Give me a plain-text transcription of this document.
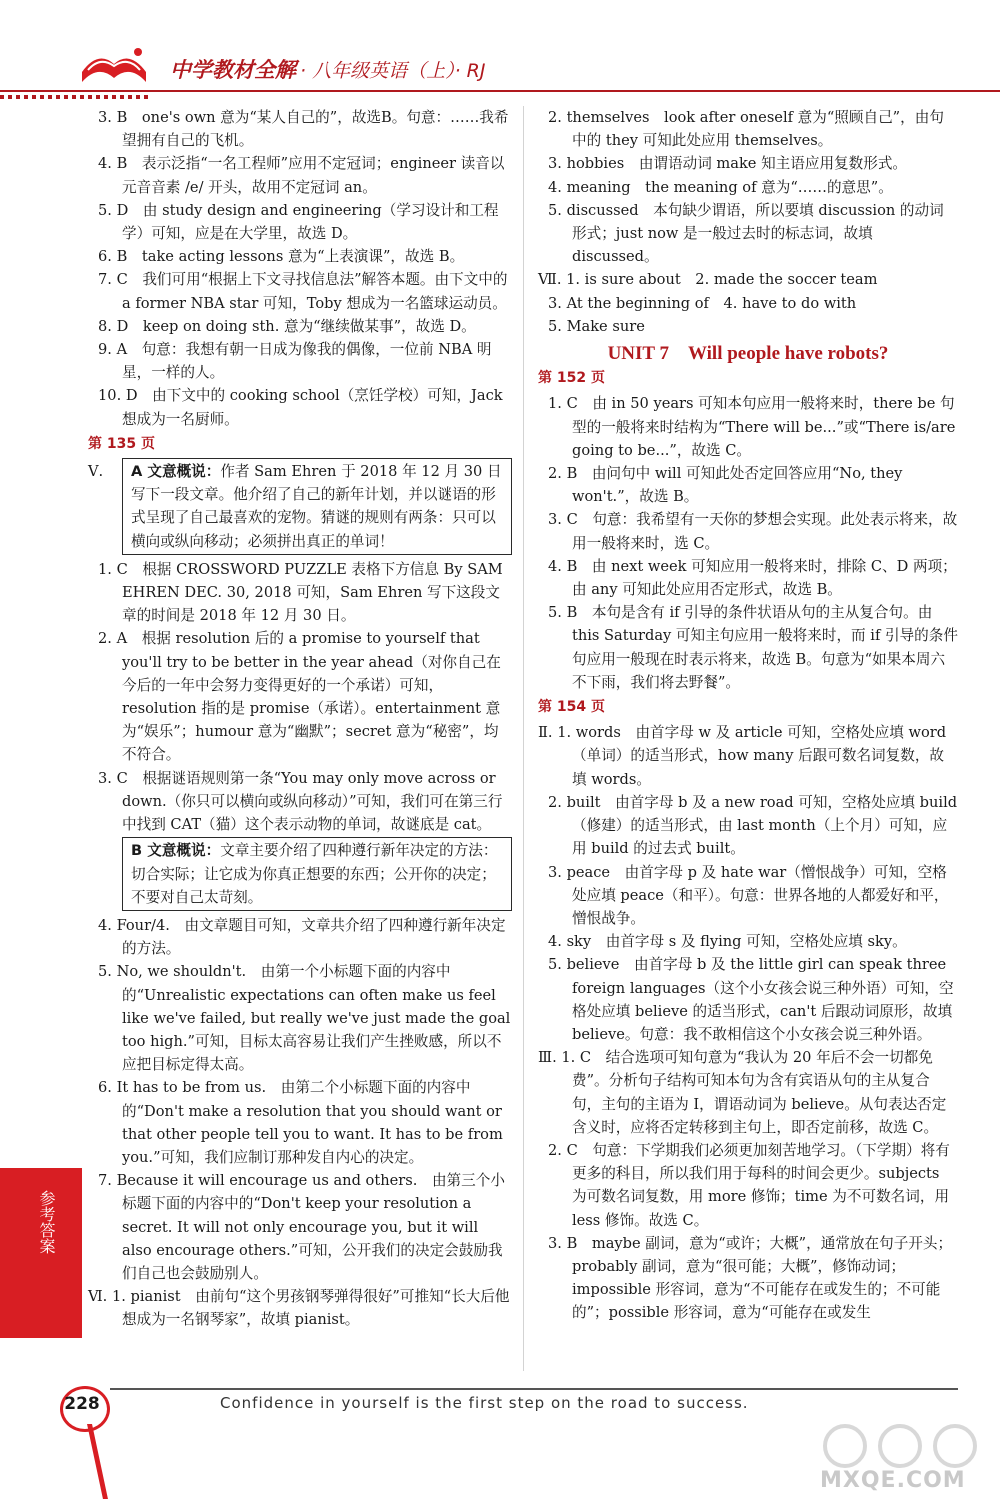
中学教材全解 · 八年级英语（上）· RJ

3. B　one's own 意为“某人自己的”，故选B。句意：……我希望拥有自己的飞机。

4. B　表示泛指“一名工程师”应用不定冠词；engineer 读音以元音音素 /e/ 开头，故用不定冠词 an。

5. D　由 study design and engineering（学习设计和工程学）可知，应是在大学里，故选 D。

6. B　take acting lessons 意为“上表演课”，故选 B。

7. C　我们可用“根据上下文寻找信息法”解答本题。由下文中的 a former NBA star 可知，Toby 想成为一名篮球运动员。

8. D　keep on doing sth. 意为“继续做某事”，故选 D。

9. A　句意：我想有朝一日成为像我的偶像，一位前 NBA 明星，一样的人。

10. D　由下文中的 cooking school（烹饪学校）可知，Jack 想成为一名厨师。

第 135 页
Ⅴ.	A 文意概说：作者 Sam Ehren 于 2018 年 12 月 30 日写下一段文章。他介绍了自己的新年计划，并以谜语的形式呈现了自己最喜欢的宠物。猜谜的规则有两条：只可以横向或纵向移动；必须拼出真正的单词！

1. C　根据 CROSSWORD PUZZLE 表格下方信息 By SAM EHREN DEC. 30, 2018 可知，Sam Ehren 写下这段文章的时间是 2018 年 12 月 30 日。

2. A　根据 resolution 后的 a promise to yourself that you'll try to be better in the year ahead（对你自己在今后的一年中会努力变得更好的一个承诺）可知，resolution 指的是 promise（承诺）。entertainment 意为“娱乐”；humour 意为“幽默”；secret 意为“秘密”，均不符合。

3. C　根据谜语规则第一条“You may only move across or down.（你只可以横向或纵向移动）”可知，我们可在第三行中找到 CAT（猫）这个表示动物的单词，故谜底是 cat。

B 文意概说：文章主要介绍了四种遵行新年决定的方法：切合实际；让它成为你真正想要的东西；公开你的决定；不要对自己太苛刻。

4. Four/4.　由文章题目可知，文章共介绍了四种遵行新年决定的方法。

5. No, we shouldn't.　由第一个小标题下面的内容中的“Unrealistic expectations can often make us feel like we've failed, but really we've just made the goal too high.”可知，目标太高容易让我们产生挫败感，所以不应把目标定得太高。

6. It has to be from us.　由第二个小标题下面的内容中的“Don't make a resolution that you should want or that other people tell you to want. It has to be from you.”可知，我们应制订那种发自内心的决定。

7. Because it will encourage us and others.　由第三个小标题下面的内容中的“Don't keep your resolution a secret. It will not only encourage you, but it will also encourage others.”可知，公开我们的决定会鼓励我们自己也会鼓励别人。

Ⅵ. 1. pianist　由前句“这个男孩钢琴弹得很好”可推知“长大后他想成为一名钢琴家”，故填 pianist。

2. themselves　look after oneself 意为“照顾自己”，由句中的 they 可知此处应用 themselves。

3. hobbies　由谓语动词 make 知主语应用复数形式。

4. meaning　the meaning of 意为“……的意思”。

5. discussed　本句缺少谓语，所以要填 discussion 的动词形式；just now 是一般过去时的标志词，故填 discussed。

Ⅶ. 1. is sure about　2. made the soccer team

3. At the beginning of　4. have to do with

5. Make sure

UNIT 7　Will people have robots?
第 152 页

1. C　由 in 50 years 可知本句应用一般将来时，there be 句型的一般将来时结构为“There will be...”或“There is/are going to be...”，故选 C。

2. B　由问句中 will 可知此处否定回答应用“No, they won't.”，故选 B。

3. C　句意：我希望有一天你的梦想会实现。此处表示将来，故用一般将来时，选 C。

4. B　由 next week 可知应用一般将来时，排除 C、D 两项；由 any 可知此处应用否定形式，故选 B。

5. B　本句是含有 if 引导的条件状语从句的主从复合句。由 this Saturday 可知主句应用一般将来时，而 if 引导的条件句应用一般现在时表示将来，故选 B。句意为“如果本周六不下雨，我们将去野餐”。

第 154 页

Ⅱ. 1. words　由首字母 w 及 article 可知，空格处应填 word（单词）的适当形式，how many 后跟可数名词复数，故填 words。

2. built　由首字母 b 及 a new road 可知，空格处应填 build（修建）的适当形式，由 last month（上个月）可知，应用 build 的过去式 built。

3. peace　由首字母 p 及 hate war（憎恨战争）可知，空格处应填 peace（和平）。句意：世界各地的人都爱好和平，憎恨战争。

4. sky　由首字母 s 及 flying 可知，空格处应填 sky。

5. believe　由首字母 b 及 the little girl can speak three foreign languages（这个小女孩会说三种外语）可知，空格处应填 believe 的适当形式，can't 后跟动词原形，故填 believe。句意：我不敢相信这个小女孩会说三种外语。

Ⅲ. 1. C　结合选项可知句意为“我认为 20 年后不会一切都免费”。分析句子结构可知本句为含有宾语从句的主从复合句，主句的主语为 I，谓语动词为 believe。从句表达否定含义时，应将否定转移到主句上，即否定前移，故选 C。

2. C　句意：下学期我们必须更加刻苦地学习。（下学期）将有更多的科目，所以我们用于每科的时间会更少。subjects 为可数名词复数，用 more 修饰；time 为不可数名词，用 less 修饰。故选 C。

3. B　maybe 副词，意为“或许；大概”，通常放在句子开头；probably 副词，意为“很可能；大概”，修饰动词；impossible 形容词，意为“不可能存在或发生的；不可能的”；possible 形容词，意为“可能存在或发生

参考答案
228	Confidence in yourself is the first step on the road to success.
MXQE.COM
